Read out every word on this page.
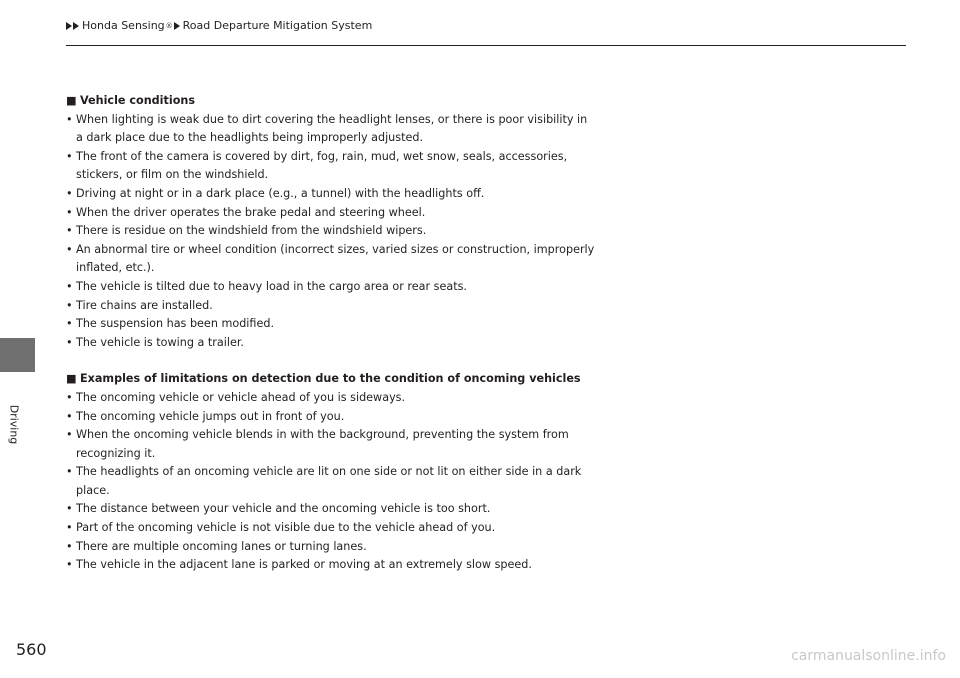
Honda Sensing ® Road Departure Mitigation System
Driving
■ Vehicle conditions
• When lighting is weak due to dirt covering the headlight lenses, or there is poor visibility in a dark place due to the headlights being improperly adjusted.
• The front of the camera is covered by dirt, fog, rain, mud, wet snow, seals, accessories, stickers, or film on the windshield.
• Driving at night or in a dark place (e.g., a tunnel) with the headlights off.
• When the driver operates the brake pedal and steering wheel.
• There is residue on the windshield from the windshield wipers.
• An abnormal tire or wheel condition (incorrect sizes, varied sizes or construction, improperly inflated, etc.).
• The vehicle is tilted due to heavy load in the cargo area or rear seats.
• Tire chains are installed.
• The suspension has been modified.
• The vehicle is towing a trailer.
■ Examples of limitations on detection due to the condition of oncoming vehicles
• The oncoming vehicle or vehicle ahead of you is sideways.
• The oncoming vehicle jumps out in front of you.
• When the oncoming vehicle blends in with the background, preventing the system from recognizing it.
• The headlights of an oncoming vehicle are lit on one side or not lit on either side in a dark place.
• The distance between your vehicle and the oncoming vehicle is too short.
• Part of the oncoming vehicle is not visible due to the vehicle ahead of you.
• There are multiple oncoming lanes or turning lanes.
• The vehicle in the adjacent lane is parked or moving at an extremely slow speed.
560	carmanualsonline.info
